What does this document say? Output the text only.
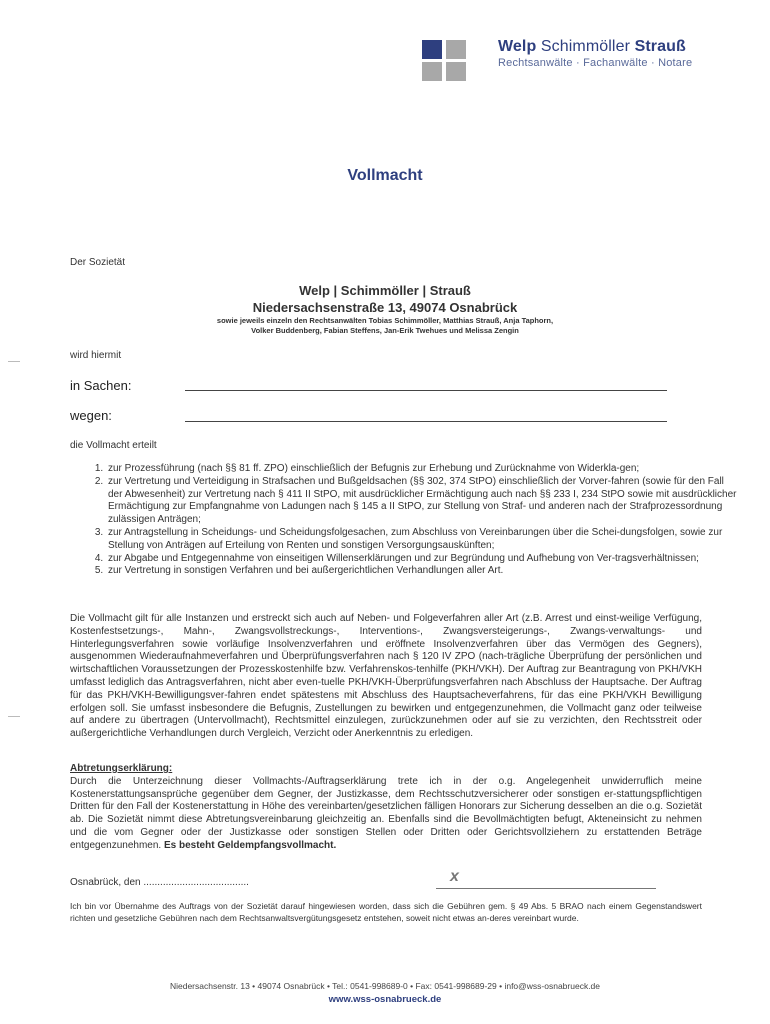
Welp Schimmöller Strauß
Rechtsanwälte · Fachanwälte · Notare
Vollmacht
Der Sozietät
Welp | Schimmöller | Strauß
Niedersachsenstraße 13, 49074 Osnabrück
sowie jeweils einzeln den Rechtsanwälten Tobias Schimmöller, Matthias Strauß, Anja Taphorn,
Volker Buddenberg, Fabian Steffens, Jan-Erik Twehues und Melissa Zengin
wird hiermit
in Sachen:
wegen:
die Vollmacht erteilt
1. zur Prozessführung (nach §§ 81 ff. ZPO) einschließlich der Befugnis zur Erhebung und Zurücknahme von Widerkla-gen;
2. zur Vertretung und Verteidigung in Strafsachen und Bußgeldsachen (§§ 302, 374 StPO) einschließlich der Vorver-fahren (sowie für den Fall der Abwesenheit) zur Vertretung nach § 411 II StPO, mit ausdrücklicher Ermächtigung auch nach §§ 233 I, 234 StPO sowie mit ausdrücklicher Ermächtigung zur Empfangnahme von Ladungen nach § 145 a II StPO, zur Stellung von Straf- und anderen nach der Strafprozessordnung zulässigen Anträgen;
3. zur Antragstellung in Scheidungs- und Scheidungsfolgesachen, zum Abschluss von Vereinbarungen über die Schei-dungsfolgen, sowie zur Stellung von Anträgen auf Erteilung von Renten und sonstigen Versorgungsauskünften;
4. zur Abgabe und Entgegennahme von einseitigen Willenserklärungen und zur Begründung und Aufhebung von Ver-tragsverhältnissen;
5. zur Vertretung in sonstigen Verfahren und bei außergerichtlichen Verhandlungen aller Art.
Die Vollmacht gilt für alle Instanzen und erstreckt sich auch auf Neben- und Folgeverfahren aller Art (z.B. Arrest und einst-weilige Verfügung, Kostenfestsetzungs-, Mahn-, Zwangsvollstreckungs-, Interventions-, Zwangsversteigerungs-, Zwangs-verwaltungs- und Hinterlegungsverfahren sowie vorläufige Insolvenzverfahren und eröffnete Insolvenzverfahren über das Vermögen des Gegners), ausgenommen Wiederaufnahmeverfahren und Überprüfungsverfahren nach § 120 IV ZPO (nach-trägliche Überprüfung der persönlichen und wirtschaftlichen Voraussetzungen der Prozesskostenhilfe bzw. Verfahrenskos-tenhilfe (PKH/VKH). Der Auftrag zur Beantragung von PKH/VKH umfasst lediglich das Antragsverfahren, nicht aber even-tuelle PKH/VKH-Überprüfungsverfahren nach Abschluss der Hauptsache. Der Auftrag für das PKH/VKH-Bewilligungsver-fahren endet spätestens mit Abschluss des Hauptsacheverfahrens, für das eine PKH/VKH Bewilligung erfolgen soll. Sie umfasst insbesondere die Befugnis, Zustellungen zu bewirken und entgegenzunehmen, die Vollmacht ganz oder teilweise auf andere zu übertragen (Untervollmacht), Rechtsmittel einzulegen, zurückzunehmen oder auf sie zu verzichten, den Rechtsstreit oder außergerichtliche Verhandlungen durch Vergleich, Verzicht oder Anerkenntnis zu erledigen.
Abtretungserklärung:
Durch die Unterzeichnung dieser Vollmachts-/Auftragserklärung trete ich in der o.g. Angelegenheit unwiderruflich meine Kostenerstattungsansprüche gegenüber dem Gegner, der Justizkasse, dem Rechtsschutzversicherer oder sonstigen er-stattungspflichtigen Dritten für den Fall der Kostenerstattung in Höhe des vereinbarten/gesetzlichen fälligen Honorars zur Sicherung desselben an die o.g. Sozietät ab. Die Sozietät nimmt diese Abtretungsvereinbarung gleichzeitig an. Ebenfalls sind die Bevollmächtigten befugt, Akteneinsicht zu nehmen und die vom Gegner oder der Justizkasse oder sonstigen Stellen oder Dritten oder Gerichtsvollziehern zu erstattenden Beträge entgegenzunehmen. Es besteht Geldempfangsvollmacht.
Osnabrück, den ......................................	x
Ich bin vor Übernahme des Auftrags von der Sozietät darauf hingewiesen worden, dass sich die Gebühren gem. § 49 Abs. 5 BRAO nach einem Gegenstandswert richten und gesetzliche Gebühren nach dem Rechtsanwaltsvergütungsgesetz entstehen, soweit nicht etwas an-deres vereinbart wurde.
Niedersachsenstr. 13 • 49074 Osnabrück • Tel.: 0541-998689-0 • Fax: 0541-998689-29 • info@wss-osnabrueck.de
www.wss-osnabrueck.de
